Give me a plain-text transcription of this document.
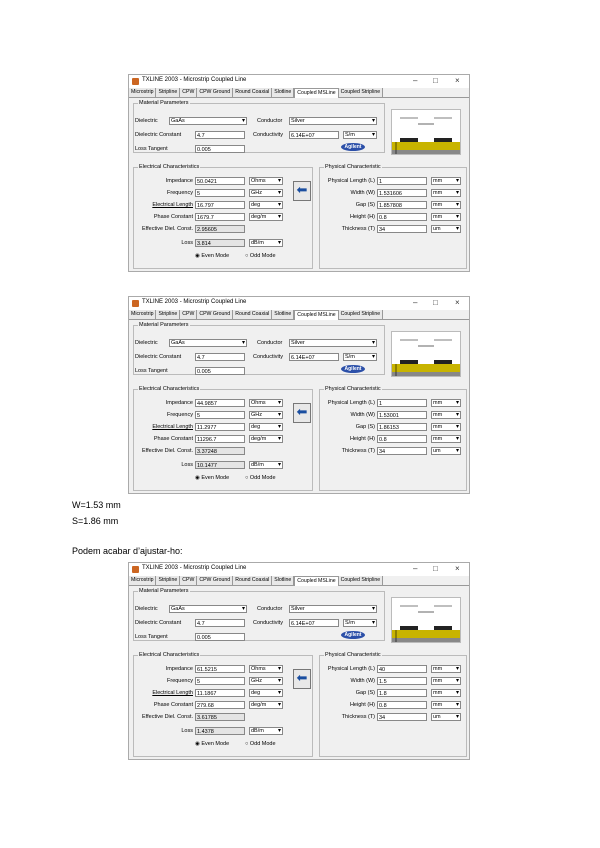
TXLINE 2003 - Microstrip Coupled Line	– □ ×
Microstrip Stripline CPW CPW Ground Round Coaxial Slotline	Coupled MSLine Coupled Stripline
Material Parameters
Dielectric	GaAs ▾	Conductor	Silver ▾
Dielectric Constant	4.7	Conductivity	6.14E+07	S/m ▾
Loss Tangent	0.005	Agilent
Electrical Characteristics
Impedance 50.0421	Ohms ▾
Frequency 5	GHz ▾
Electrical Length 16.797	deg ▾
Phase Constant 1679.7	deg/m ▾
Effective Diel. Const. 2.95605
Loss 3.814	dB/m ▾
◉ Even Mode	○ Odd Mode
⬅
Physical Characteristic
Physical Length (L) 1	mm ▾
Width (W) 1.531606	mm ▾
Gap (S) 1.857808	mm ▾
Height (H) 0.8	mm ▾
Thickness (T) 34	um ▾
TXLINE 2003 - Microstrip Coupled Line	– □ ×
Microstrip Stripline CPW CPW Ground Round Coaxial Slotline	Coupled MSLine Coupled Stripline
Material Parameters
Dielectric	GaAs ▾	Conductor	Silver ▾
Dielectric Constant	4.7	Conductivity	6.14E+07	S/m ▾
Loss Tangent	0.005	Agilent
Electrical Characteristics
Impedance 44.9857	Ohms ▾
Frequency 5	GHz ▾
Electrical Length 11.2977	deg ▾
Phase Constant 11296.7	deg/m ▾
Effective Diel. Const. 3.37248
Loss 10.1477	dB/m ▾
◉ Even Mode	○ Odd Mode
⬅
Physical Characteristic
Physical Length (L) 1	mm ▾
Width (W) 1.53001	mm ▾
Gap (S) 1.86153	mm ▾
Height (H) 0.8	mm ▾
Thickness (T) 34	um ▾
W=1.53 mm
S=1.86 mm
Podem acabar d’ajustar-ho:
TXLINE 2003 - Microstrip Coupled Line	– □ ×
Microstrip Stripline CPW CPW Ground Round Coaxial Slotline	Coupled MSLine Coupled Stripline
Material Parameters
Dielectric	GaAs ▾	Conductor	Silver ▾
Dielectric Constant	4.7	Conductivity	6.14E+07	S/m ▾
Loss Tangent	0.005	Agilent
Electrical Characteristics
Impedance 61.5215	Ohms ▾
Frequency 5	GHz ▾
Electrical Length 11.1867	deg ▾
Phase Constant 279.68	deg/m ▾
Effective Diel. Const. 3.61785
Loss 1.4378	dB/m ▾
◉ Even Mode	○ Odd Mode
⬅
Physical Characteristic
Physical Length (L) 40	mm ▾
Width (W) 1.5	mm ▾
Gap (S) 1.8	mm ▾
Height (H) 0.8	mm ▾
Thickness (T) 34	um ▾
